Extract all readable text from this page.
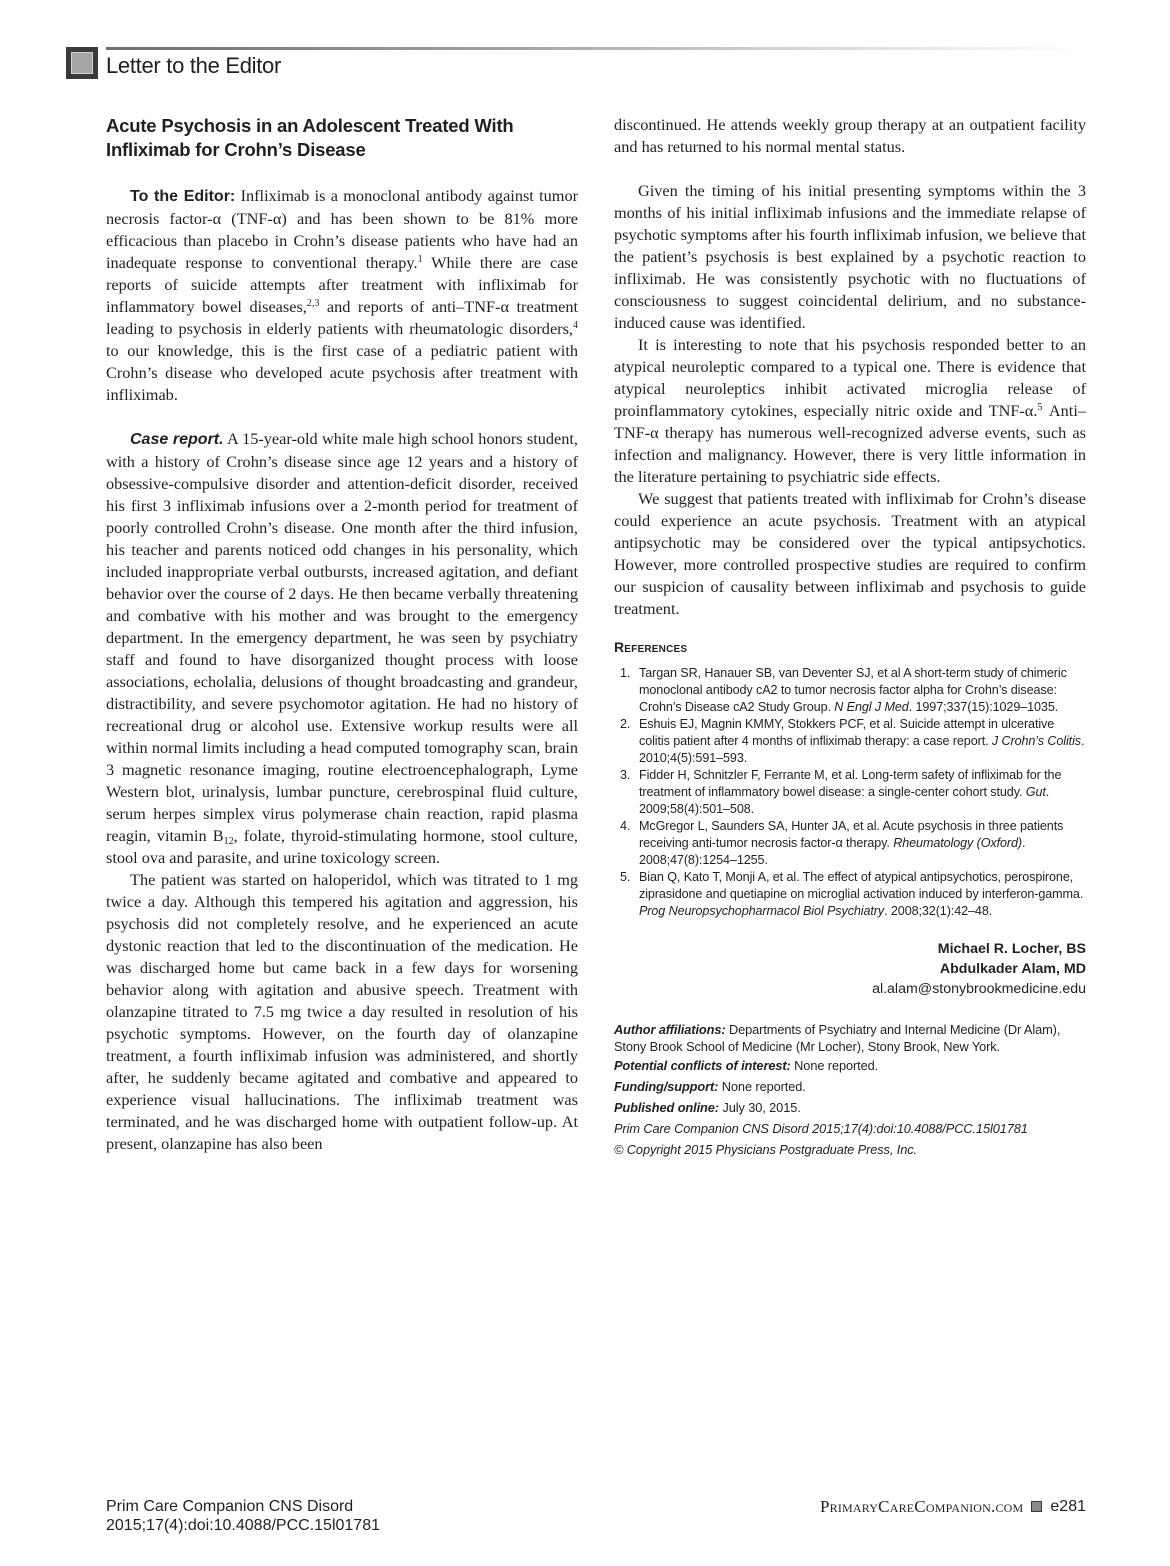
Letter to the Editor
Acute Psychosis in an Adolescent Treated With Infliximab for Crohn’s Disease

To the Editor: Infliximab is a monoclonal antibody against tumor necrosis factor-α (TNF-α) and has been shown to be 81% more efficacious than placebo in Crohn’s disease patients who have had an inadequate response to conventional therapy.$^1$ While there are case reports of suicide attempts after treatment with infliximab for inflammatory bowel diseases,$^{2,3}$ and reports of anti–TNF-α treatment leading to psychosis in elderly patients with rheumatologic disorders,$^4$ to our knowledge, this is the first case of a pediatric patient with Crohn’s disease who developed acute psychosis after treatment with infliximab.

Case report. A 15-year-old white male high school honors student, with a history of Crohn’s disease since age 12 years and a history of obsessive-compulsive disorder and attention-deficit disorder, received his first 3 infliximab infusions over a 2-month period for treatment of poorly controlled Crohn’s disease. One month after the third infusion, his teacher and parents noticed odd changes in his personality, which included inappropriate verbal outbursts, increased agitation, and defiant behavior over the course of 2 days. He then became verbally threatening and combative with his mother and was brought to the emergency department. In the emergency department, he was seen by psychiatry staff and found to have disorganized thought process with loose associations, echolalia, delusions of thought broadcasting and grandeur, distractibility, and severe psychomotor agitation. He had no history of recreational drug or alcohol use. Extensive workup results were all within normal limits including a head computed tomography scan, brain 3 magnetic resonance imaging, routine electroencephalograph, Lyme Western blot, urinalysis, lumbar puncture, cerebrospinal fluid culture, serum herpes simplex virus polymerase chain reaction, rapid plasma reagin, vitamin $B_{12}$, folate, thyroid-stimulating hormone, stool culture, stool ova and parasite, and urine toxicology screen.

The patient was started on haloperidol, which was titrated to 1 mg twice a day. Although this tempered his agitation and aggression, his psychosis did not completely resolve, and he experienced an acute dystonic reaction that led to the discontinuation of the medication. He was discharged home but came back in a few days for worsening behavior along with agitation and abusive speech. Treatment with olanzapine titrated to 7.5 mg twice a day resulted in resolution of his psychotic symptoms. However, on the fourth day of olanzapine treatment, a fourth infliximab infusion was administered, and shortly after, he suddenly became agitated and combative and appeared to experience visual hallucinations. The infliximab treatment was terminated, and he was discharged home with outpatient follow-up. At present, olanzapine has also been

discontinued. He attends weekly group therapy at an outpatient facility and has returned to his normal mental status.

Given the timing of his initial presenting symptoms within the 3 months of his initial infliximab infusions and the immediate relapse of psychotic symptoms after his fourth infliximab infusion, we believe that the patient’s psychosis is best explained by a psychotic reaction to infliximab. He was consistently psychotic with no fluctuations of consciousness to suggest coincidental delirium, and no substance-induced cause was identified.

It is interesting to note that his psychosis responded better to an atypical neuroleptic compared to a typical one. There is evidence that atypical neuroleptics inhibit activated microglia release of proinflammatory cytokines, especially nitric oxide and TNF-α.$^5$ Anti–TNF-α therapy has numerous well-recognized adverse events, such as infection and malignancy. However, there is very little information in the literature pertaining to psychiatric side effects.

We suggest that patients treated with infliximab for Crohn’s disease could experience an acute psychosis. Treatment with an atypical antipsychotic may be considered over the typical antipsychotics. However, more controlled prospective studies are required to confirm our suspicion of causality between infliximab and psychosis to guide treatment.

References
1. Targan SR, Hanauer SB, van Deventer SJ, et al A short-term study of chimeric monoclonal antibody cA2 to tumor necrosis factor alpha for Crohn’s disease: Crohn’s Disease cA2 Study Group. N Engl J Med. 1997;337(15):1029–1035.
2. Eshuis EJ, Magnin KMMY, Stokkers PCF, et al. Suicide attempt in ulcerative colitis patient after 4 months of infliximab therapy: a case report. J Crohn’s Colitis. 2010;4(5):591–593.
3. Fidder H, Schnitzler F, Ferrante M, et al. Long-term safety of infliximab for the treatment of inflammatory bowel disease: a single-center cohort study. Gut. 2009;58(4):501–508.
4. McGregor L, Saunders SA, Hunter JA, et al. Acute psychosis in three patients receiving anti-tumor necrosis factor-α therapy. Rheumatology (Oxford). 2008;47(8):1254–1255.
5. Bian Q, Kato T, Monji A, et al. The effect of atypical antipsychotics, perospirone, ziprasidone and quetiapine on microglial activation induced by interferon-gamma. Prog Neuropsychopharmacol Biol Psychiatry. 2008;32(1):42–48.
Michael R. Locher, BS
Abdulkader Alam, MD
al.alam@stonybrookmedicine.edu
Author affiliations: Departments of Psychiatry and Internal Medicine (Dr Alam), Stony Brook School of Medicine (Mr Locher), Stony Brook, New York.
Potential conflicts of interest: None reported.
Funding/support: None reported.
Published online: July 30, 2015.
Prim Care Companion CNS Disord 2015;17(4):doi:10.4088/PCC.15l01781
© Copyright 2015 Physicians Postgraduate Press, Inc.
Prim Care Companion CNS Disord
2015;17(4):doi:10.4088/PCC.15l01781
PrimaryCareCompanion.com e281
